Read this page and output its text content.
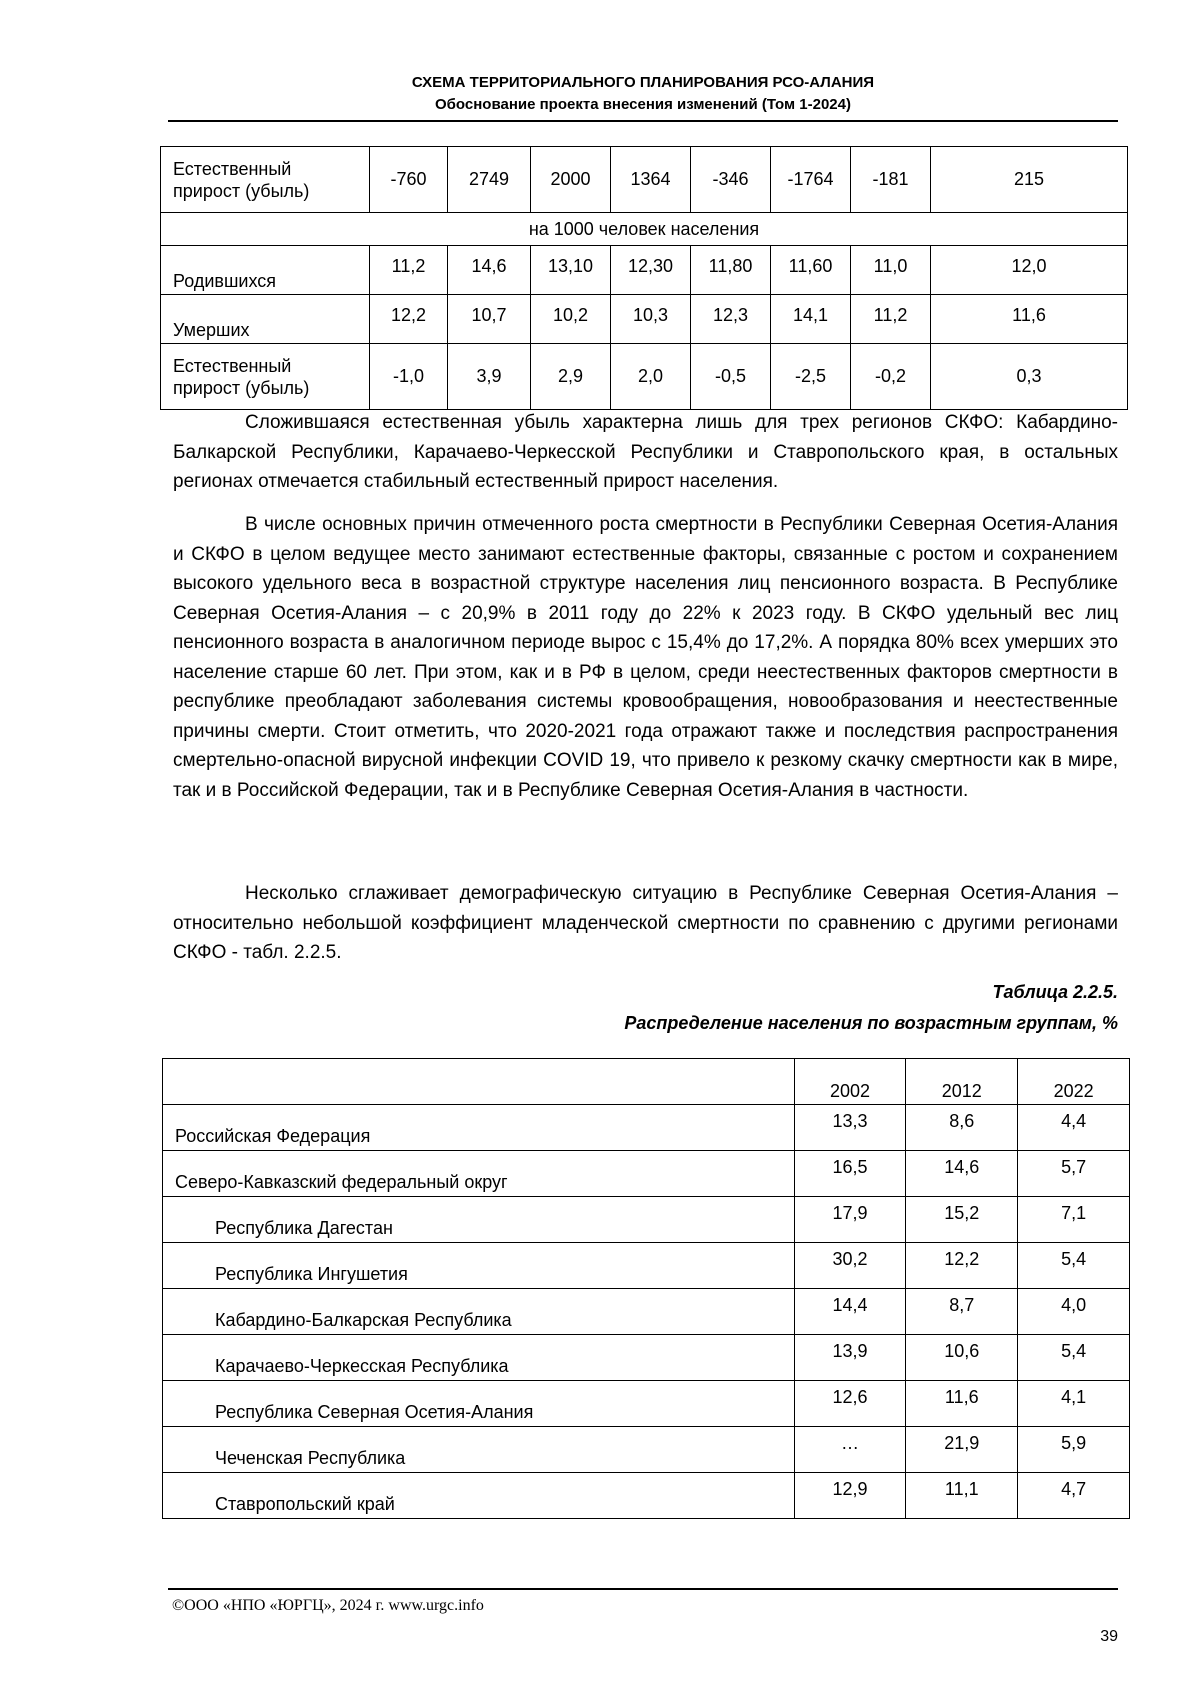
СХЕМА ТЕРРИТОРИАЛЬНОГО ПЛАНИРОВАНИЯ РСО-АЛАНИЯ
Обоснование проекта внесения изменений (Том 1-2024)
Естественный
прирост (убыль)	-760	2749	2000	1364	-346	-1764	-181	215
на 1000 человек населения								
Родившихся	11,2	14,6	13,10	12,30	11,80	11,60	11,0	12,0
Умерших	12,2	10,7	10,2	10,3	12,3	14,1	11,2	11,6

Естественный
прирост (убыль)	-1,0	3,9	2,9	2,0	-0,5	-2,5	-0,2	0,3

Сложившаяся естественная убыль характерна лишь для трех регионов СКФО: Кабардино-Балкарской Республики, Карачаево-Черкесской Республики и Ставропольского края, в остальных регионах отмечается стабильный естественный прирост населения.

В числе основных причин отмеченного роста смертности в Республики Северная Осетия-Алания и СКФО в целом ведущее место занимают естественные факторы, связанные с ростом и сохранением высокого удельного веса в возрастной структуре населения лиц пенсионного возраста. В Республике Северная Осетия-Алания – с 20,9% в 2011 году до 22% к 2023 году. В СКФО удельный вес лиц пенсионного возраста в аналогичном периоде вырос с 15,4% до 17,2%. А порядка 80% всех умерших это население старше 60 лет. При этом, как и в РФ в целом, среди неестественных факторов смертности в республике преобладают заболевания системы кровообращения, новообразования и неестественные причины смерти. Стоит отметить, что 2020-2021 года отражают также и последствия распространения смертельно-опасной вирусной инфекции COVID 19, что привело к резкому скачку смертности как в мире, так и в Российской Федерации, так и в Республике Северная Осетия-Алания в частности.

Несколько сглаживает демографическую ситуацию в Республике Северная Осетия-Алания – относительно небольшой коэффициент младенческой смертности по сравнению с другими регионами СКФО - табл. 2.2.5.

Таблица 2.2.5.
Распределение населения по возрастным группам, %
	2002	2012	2022
Российская Федерация	13,3	8,6	4,4
Северо-Кавказский федеральный округ	16,5	14,6	5,7
Республика Дагестан	17,9	15,2	7,1
Республика Ингушетия	30,2	12,2	5,4
Кабардино-Балкарская Республика	14,4	8,7	4,0
Карачаево-Черкесская Республика	13,9	10,6	5,4
Республика Северная Осетия-Алания	12,6	11,6	4,1
Чеченская Республика	…	21,9	5,9
Ставропольский край	12,9	11,1	4,7
©ООО «НПО «ЮРГЦ», 2024 г. www.urgc.info
39
